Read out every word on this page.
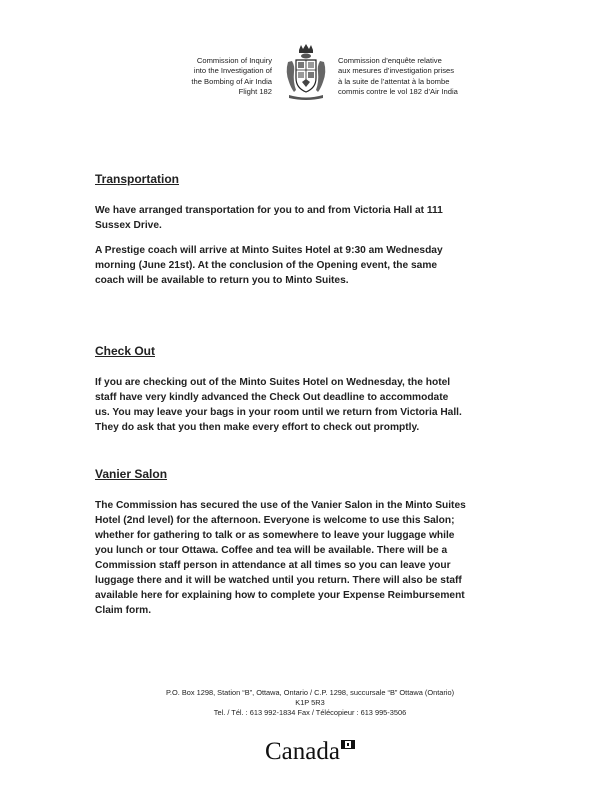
Commission of Inquiry
into the Investigation of
the Bombing of Air India
Flight 182
Commission d’enquête relative
aux mesures d’investigation prises
à la suite de l’attentat à la bombe
commis contre le vol 182 d’Air India
Transportation
We have arranged transportation for you to and from Victoria Hall at 111
Sussex Drive.
A Prestige coach will arrive at Minto Suites Hotel at 9:30 am Wednesday
morning (June 21st). At the conclusion of the Opening event, the same
coach will be available to return you to Minto Suites.
Check Out
If you are checking out of the Minto Suites Hotel on Wednesday, the hotel
staff have very kindly advanced the Check Out deadline to accommodate
us. You may leave your bags in your room until we return from Victoria Hall.
They do ask that you then make every effort to check out promptly.
Vanier Salon
The Commission has secured the use of the Vanier Salon in the Minto Suites
Hotel (2nd level) for the afternoon. Everyone is welcome to use this Salon;
whether for gathering to talk or as somewhere to leave your luggage while
you lunch or tour Ottawa. Coffee and tea will be available. There will be a
Commission staff person in attendance at all times so you can leave your
luggage there and it will be watched until you return. There will also be staff
available here for explaining how to complete your Expense Reimbursement
Claim form.
P.O. Box 1298, Station “B”, Ottawa, Ontario / C.P. 1298, succursale “B” Ottawa (Ontario)
K1P 5R3
Tel. / Tél. : 613 992-1834 Fax / Télécopieur : 613 995-3506
Canada
